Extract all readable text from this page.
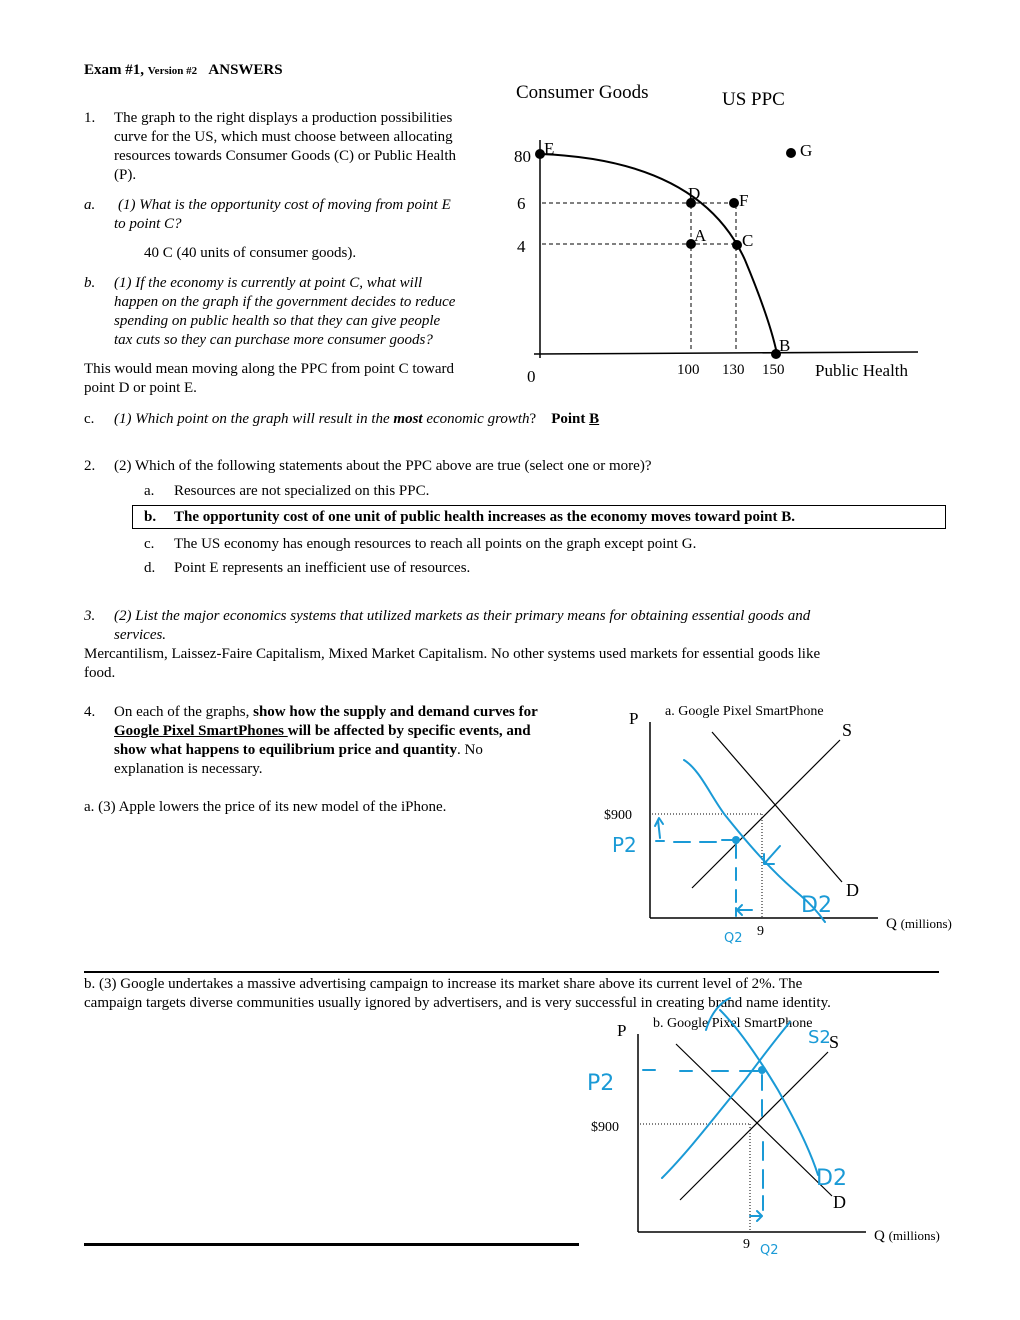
Exam #1, Version #2 ANSWERS
1. The graph to the right displays a production possibilities
curve for the US, which must choose between allocating
resources towards Consumer Goods (C) or Public Health
(P).
a. (1) What is the opportunity cost of moving from point E
to point C?
40 C (40 units of consumer goods).
b. (1) If the economy is currently at point C, what will
happen on the graph if the government decides to reduce
spending on public health so that they can give people
tax cuts so they can purchase more consumer goods?
This would mean moving along the PPC from point C toward
point D or point E.
c. (1) Which point on the graph will result in the most economic growth? Point B
Consumer Goods	US PPC
E
D F
A C
B
G
80
6
4
0	100 130 150 Public Health
2. (2) Which of the following statements about the PPC above are true (select one or more)?
a. Resources are not specialized on this PPC.
b. The opportunity cost of one unit of public health increases as the economy moves toward point B.
c. The US economy has enough resources to reach all points on the graph except point G.
d. Point E represents an inefficient use of resources.
3. (2) List the major economics systems that utilized markets as their primary means for obtaining essential goods and
services.
Mercantilism, Laissez-Faire Capitalism, Mixed Market Capitalism. No other systems used markets for essential goods like
food.
4. On each of the graphs, show how the supply and demand curves for
Google Pixel SmartPhones will be affected by specific events, and
show what happens to equilibrium price and quantity. No
explanation is necessary.
a. (3) Apple lowers the price of its new model of the iPhone.
P a. Google Pixel SmartPhone
S
D
$900
9	Q (millions)
P2
D2
Q2
b. (3) Google undertakes a massive advertising campaign to increase its market share above its current level of 2%. The
campaign targets diverse communities usually ignored by advertisers, and is very successful in creating brand name identity.
P b. Google Pixel SmartPhone
S
D
$900
9
Q (millions)
P2
S2
D2
Q2
